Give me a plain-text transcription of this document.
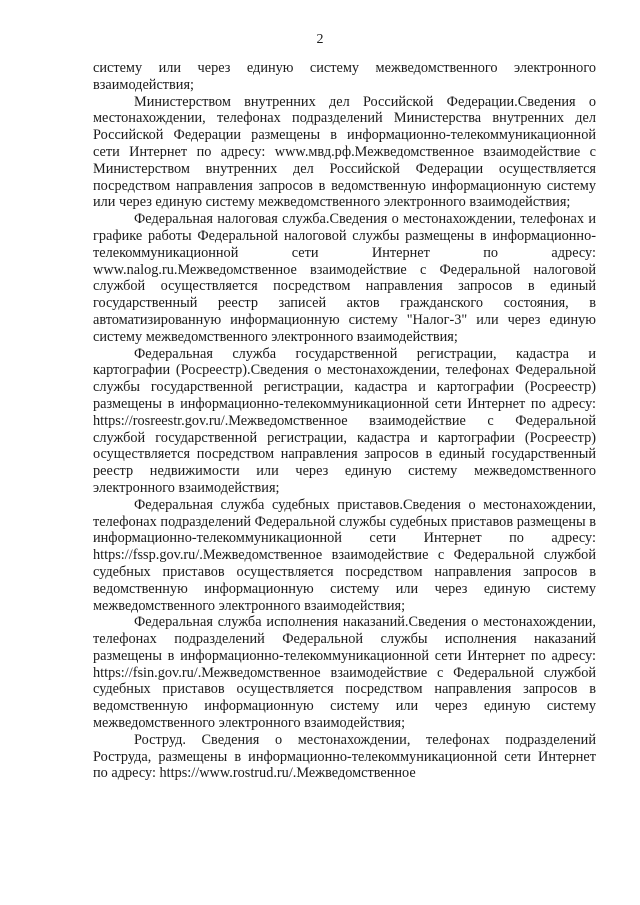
2

систему или через единую систему межведомственного электронного взаимодействия;

Министерством внутренних дел Российской Федерации.Сведения о местонахождении, телефонах подразделений Министерства внутренних дел Российской Федерации размещены в информационно-телекоммуникационной сети Интернет по адресу: www.мвд.рф.Межведомственное взаимодействие с Министерством внутренних дел Российской Федерации осуществляется посредством направления запросов в ведомственную информационную систему или через единую систему межведомственного электронного взаимодействия;

Федеральная налоговая служба.Сведения о местонахождении, телефонах и графике работы Федеральной налоговой службы размещены в информационно-телекоммуникационной сети Интернет по адресу: www.nalog.ru.Межведомственное взаимодействие с Федеральной налоговой службой осуществляется посредством направления запросов в единый государственный реестр записей актов гражданского состояния, в автоматизированную информационную систему "Налог-3" или через единую систему межведомственного электронного взаимодействия;

Федеральная служба государственной регистрации, кадастра и картографии (Росреестр).Сведения о местонахождении, телефонах Федеральной службы государственной регистрации, кадастра и картографии (Росреестр) размещены в информационно-телекоммуникационной сети Интернет по адресу: https://rosreestr.gov.ru/.Межведомственное взаимодействие с Федеральной службой государственной регистрации, кадастра и картографии (Росреестр) осуществляется посредством направления запросов в единый государственный реестр недвижимости или через единую систему межведомственного электронного взаимодействия;

Федеральная служба судебных приставов.Сведения о местонахождении, телефонах подразделений Федеральной службы судебных приставов размещены в информационно-телекоммуникационной сети Интернет по адресу: https://fssp.gov.ru/.Межведомственное взаимодействие с Федеральной службой судебных приставов осуществляется посредством направления запросов в ведомственную информационную систему или через единую систему межведомственного электронного взаимодействия;

Федеральная служба исполнения наказаний.Сведения о местонахождении, телефонах подразделений Федеральной службы исполнения наказаний размещены в информационно-телекоммуникационной сети Интернет по адресу: https://fsin.gov.ru/.Межведомственное взаимодействие с Федеральной службой судебных приставов осуществляется посредством направления запросов в ведомственную информационную систему или через единую систему межведомственного электронного взаимодействия;

Роструд. Сведения о местонахождении, телефонах подразделений Роструда, размещены в информационно-телекоммуникационной сети Интернет по адресу: https://www.rostrud.ru/.Межведомственное
